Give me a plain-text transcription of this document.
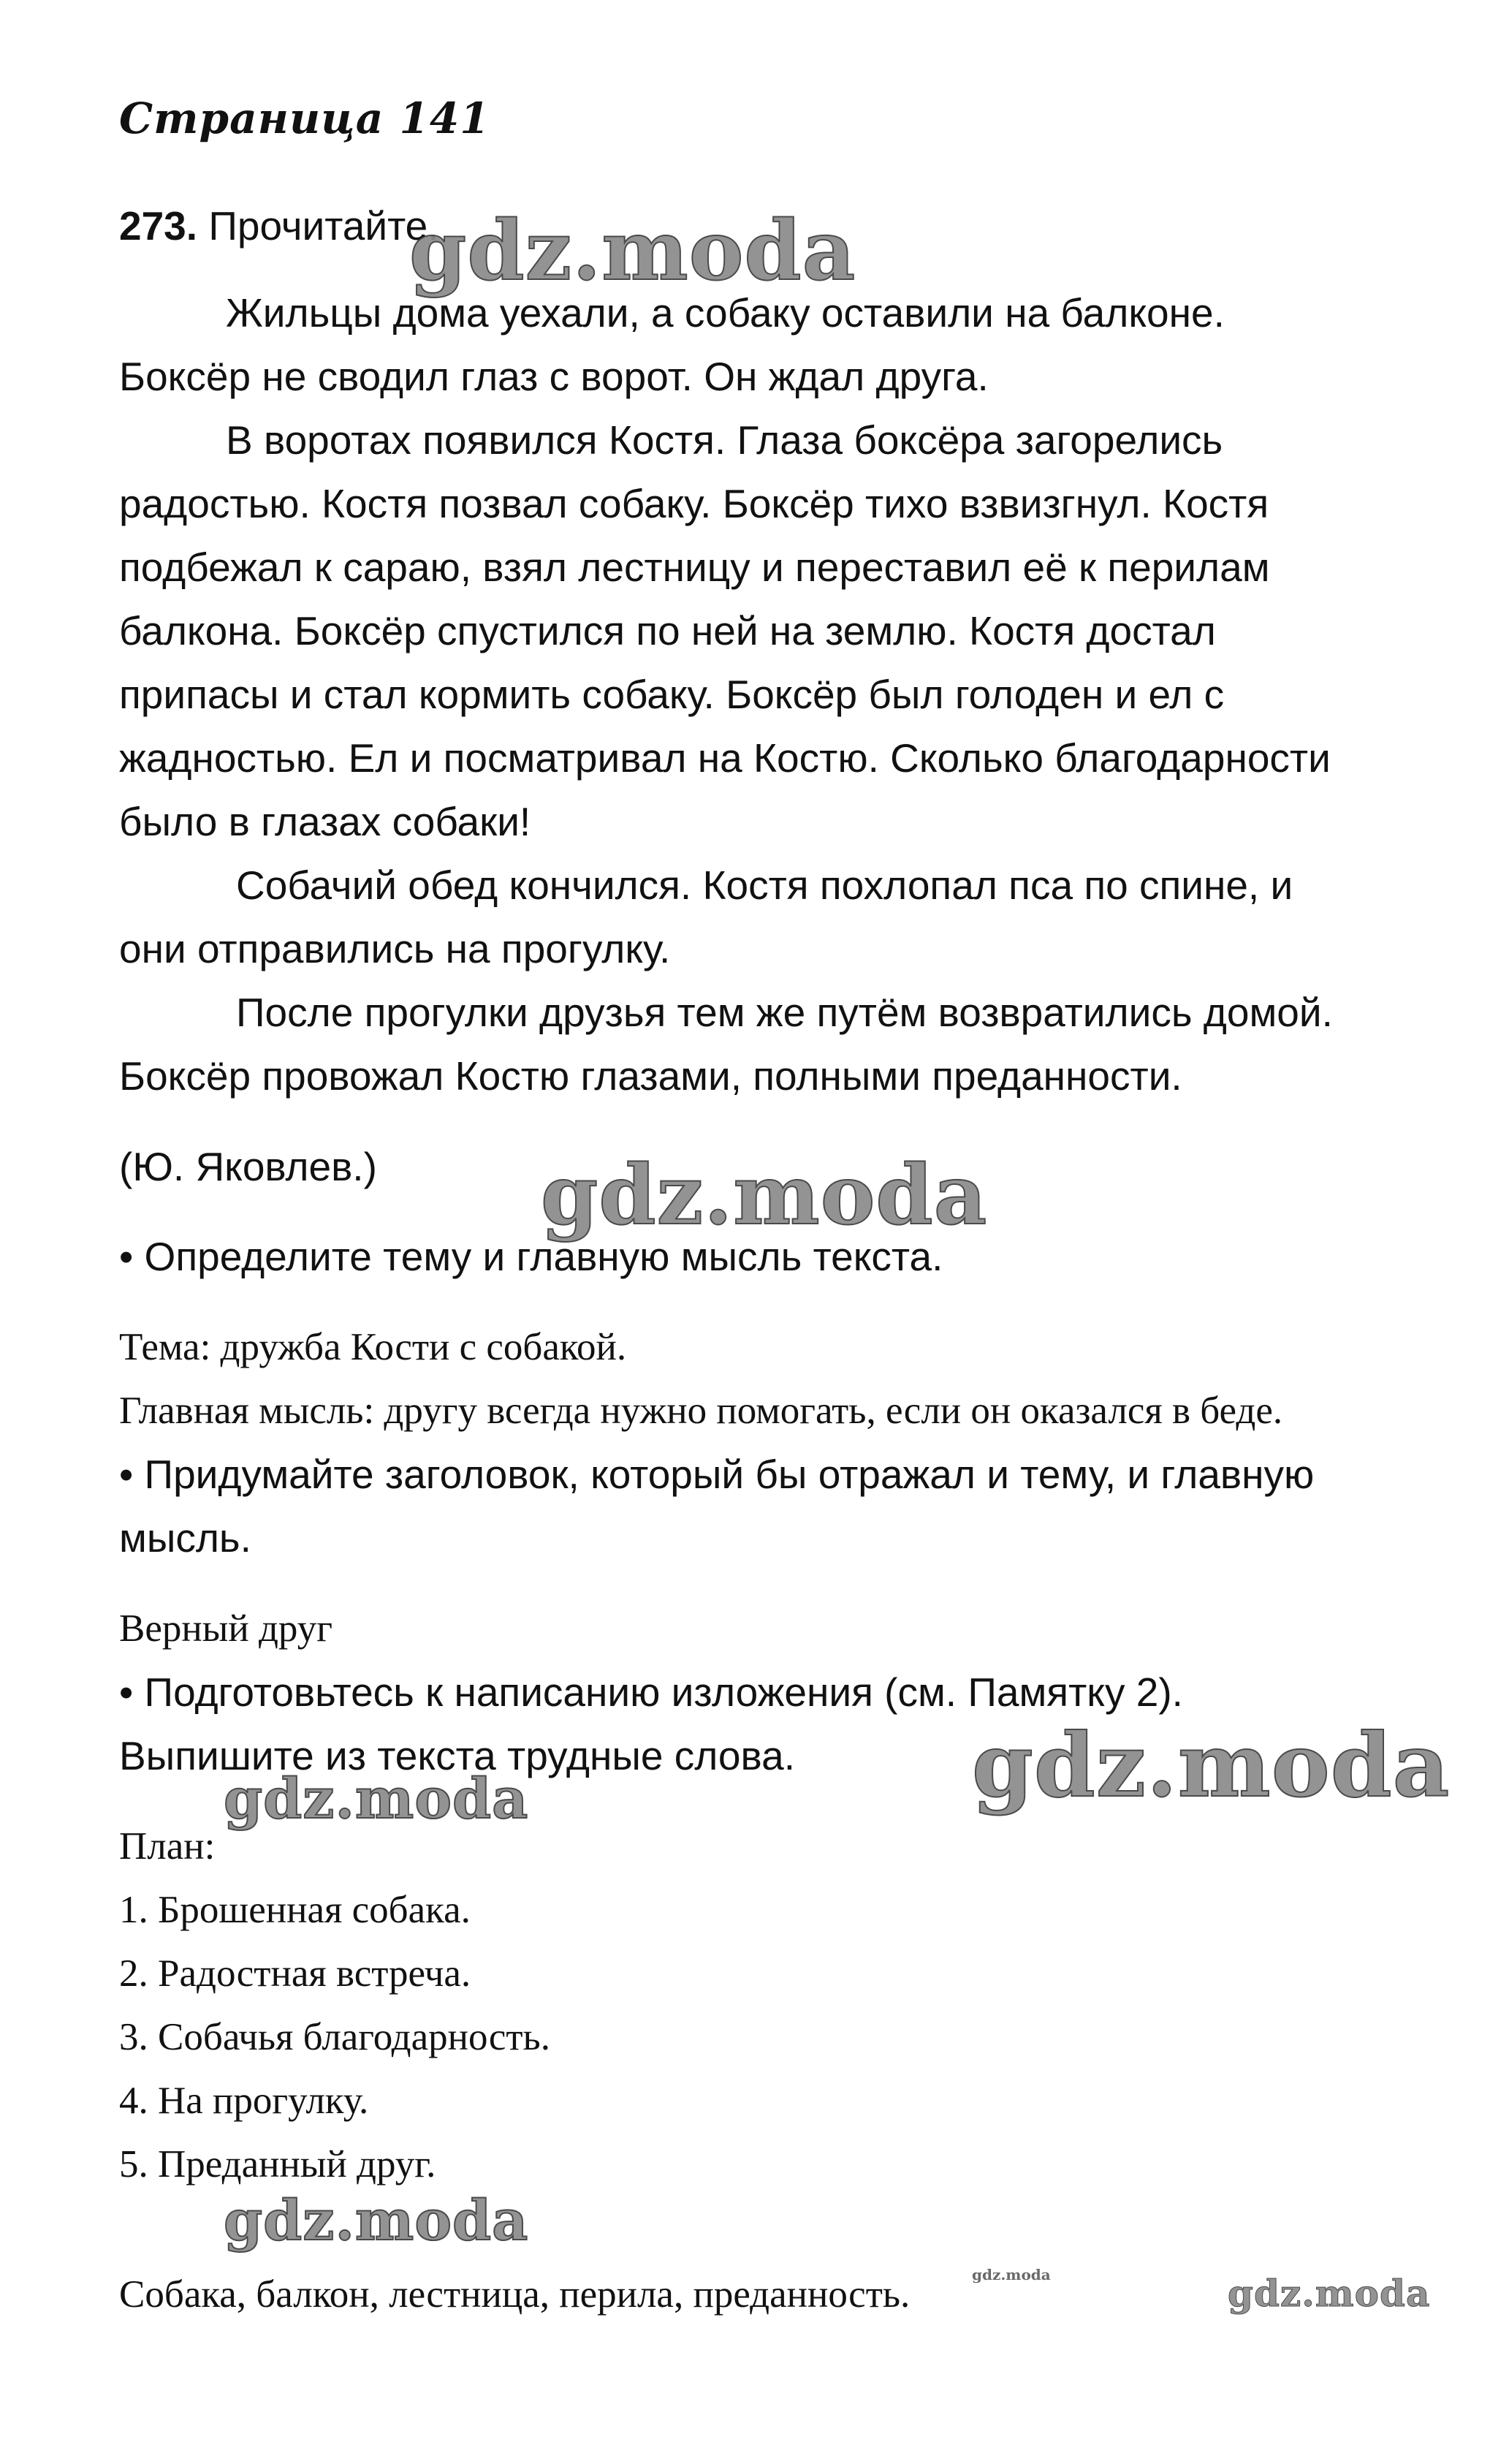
Страница 141
273. Прочитайте.
Жильцы дома уехали, а собаку оставили на балконе.
Боксёр не сводил глаз с ворот. Он ждал друга.
В воротах появился Костя. Глаза боксёра загорелись
радостью. Костя позвал собаку. Боксёр тихо взвизгнул. Костя
подбежал к сараю, взял лестницу и переставил её к перилам
балкона. Боксёр спустился по ней на землю. Костя достал
припасы и стал кормить собаку. Боксёр был голоден и ел с
жадностью. Ел и посматривал на Костю. Сколько благодарности
было в глазах собаки!
Собачий обед кончился. Костя похлопал пса по спине, и
они отправились на прогулку.
После прогулки друзья тем же путём возвратились домой.
Боксёр провожал Костю глазами, полными преданности.
(Ю. Яковлев.)
• Определите тему и главную мысль текста.
Тема: дружба Кости с собакой.
Главная мысль: другу всегда нужно помогать, если он оказался в беде.
• Придумайте заголовок, который бы отражал и тему, и главную
мысль.
Верный друг
• Подготовьтесь к написанию изложения (см. Памятку 2).
Выпишите из текста трудные слова.
План:
1. Брошенная собака.
2. Радостная встреча.
3. Собачья благодарность.
4. На прогулку.
5. Преданный друг.
Собака, балкон, лестница, перила, преданность.
gdz.moda
gdz.moda
gdz.moda
gdz.moda
gdz.moda
gdz.moda
gdz.moda
